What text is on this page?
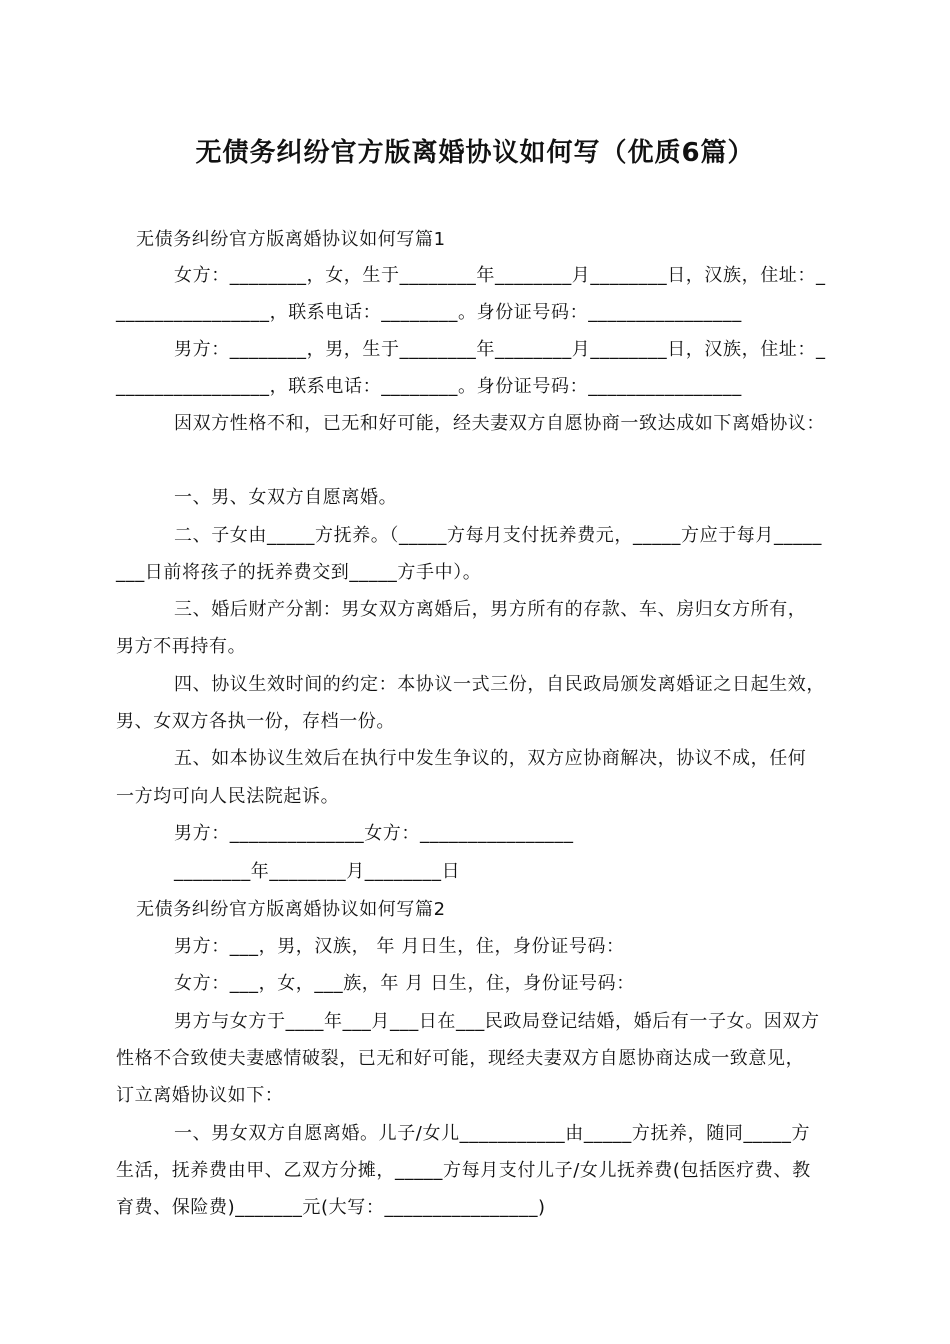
无债务纠纷官方版离婚协议如何写（优质6篇）
无债务纠纷官方版离婚协议如何写篇1
女方：________，女，生于________年________月________日，汉族，住址：_
________________，联系电话：________。身份证号码：________________
男方：________，男，生于________年________月________日，汉族，住址：_
________________，联系电话：________。身份证号码：________________
因双方性格不和，已无和好可能，经夫妻双方自愿协商一致达成如下离婚协议：
一、男、女双方自愿离婚。
二、子女由_____方抚养。（_____方每月支付抚养费元，_____方应于每月_____
___日前将孩子的抚养费交到_____方手中）。
三、婚后财产分割：男女双方离婚后，男方所有的存款、车、房归女方所有，
男方不再持有。
四、协议生效时间的约定：本协议一式三份，自民政局颁发离婚证之日起生效，
男、女双方各执一份，存档一份。
五、如本协议生效后在执行中发生争议的，双方应协商解决，协议不成，任何
一方均可向人民法院起诉。
男方：______________女方：________________
________年________月________日
无债务纠纷官方版离婚协议如何写篇2
男方：___，男，汉族， 年 月日生，住，身份证号码：
女方：___，女，___族，年 月 日生，住，身份证号码：
男方与女方于____年___月___日在___民政局登记结婚，婚后有一子女。因双方
性格不合致使夫妻感情破裂，已无和好可能，现经夫妻双方自愿协商达成一致意见，
订立离婚协议如下：
一、男女双方自愿离婚。儿子/女儿___________由_____方抚养，随同_____方
生活，抚养费由甲、乙双方分摊，_____方每月支付儿子/女儿抚养费(包括医疗费、教
育费、保险费)_______元(大写：________________)
